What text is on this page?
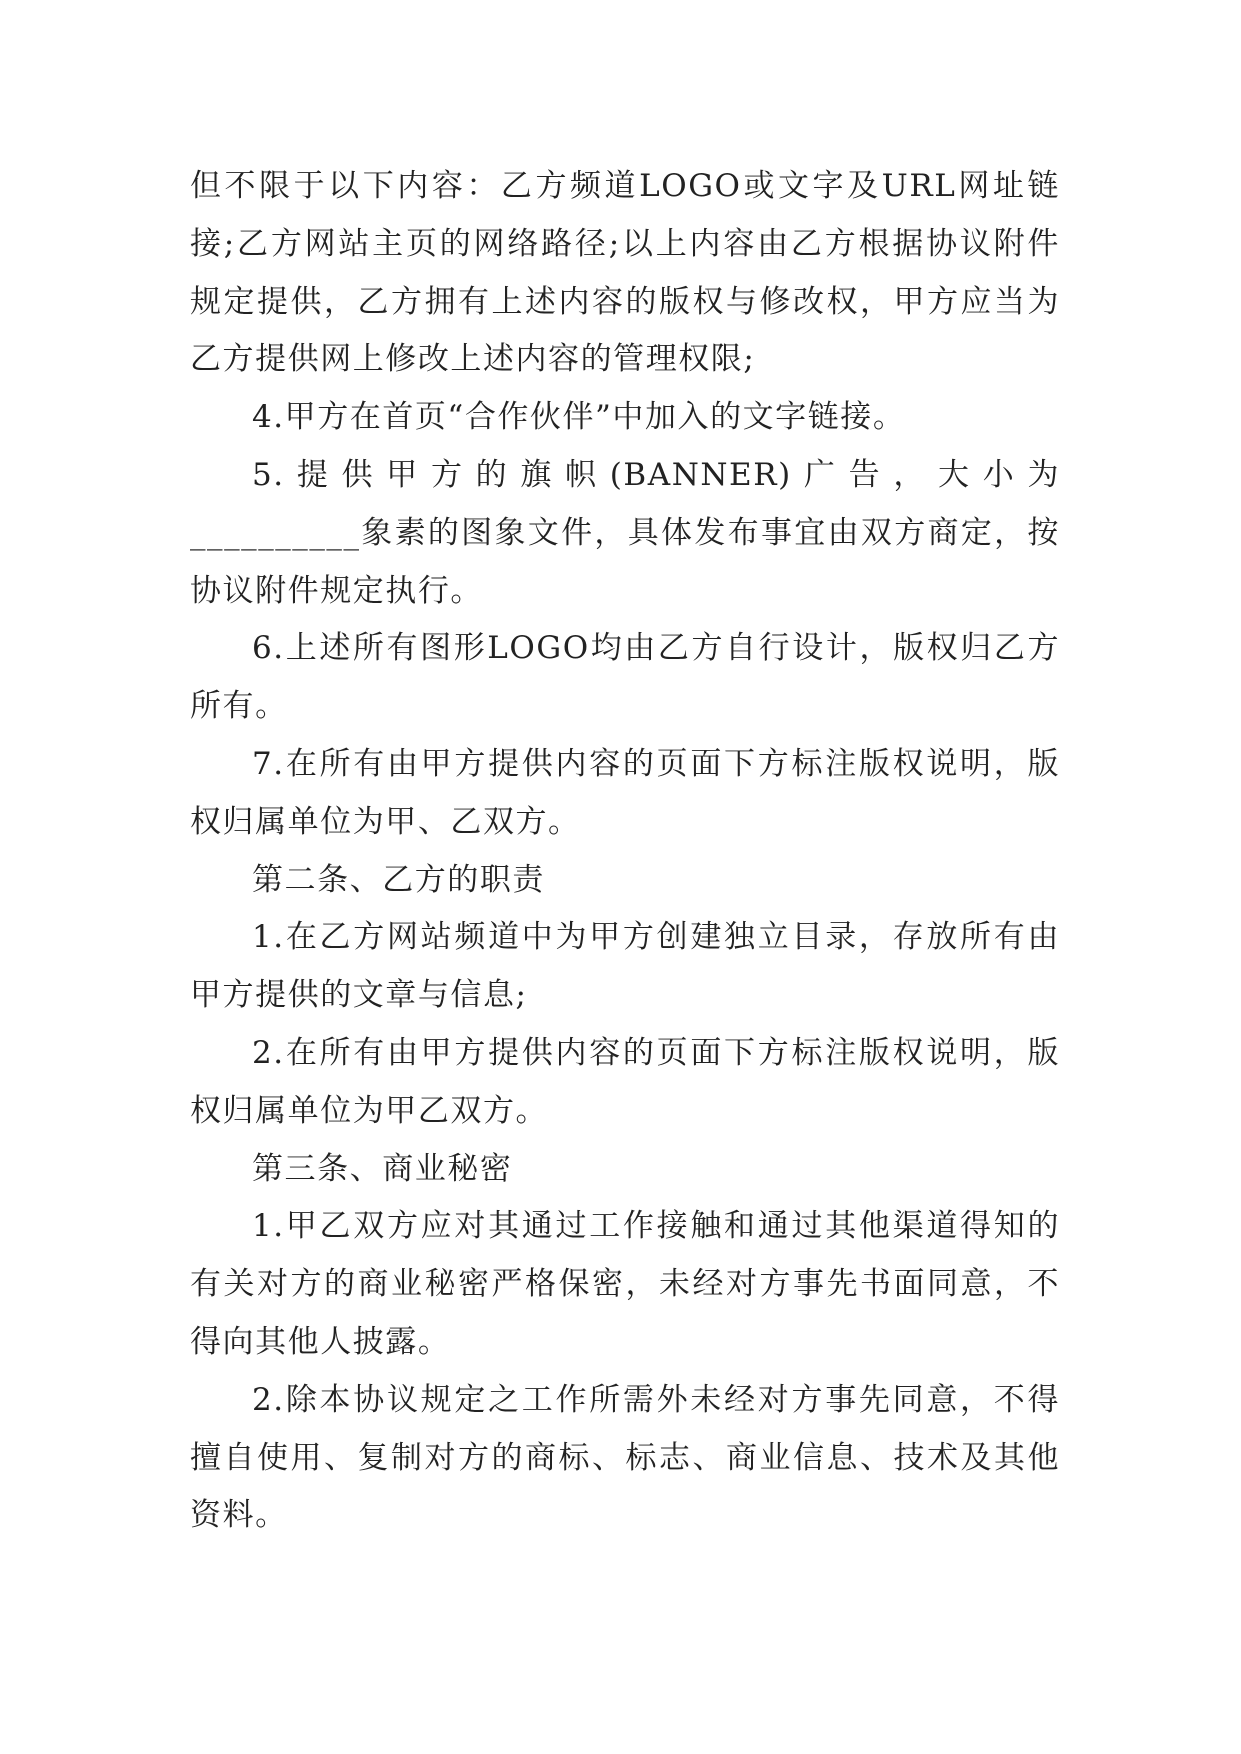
但不限于以下内容：乙方频道LOGO或文字及URL网址链接;乙方网站主页的网络路径;以上内容由乙方根据协议附件规定提供，乙方拥有上述内容的版权与修改权，甲方应当为乙方提供网上修改上述内容的管理权限;

4.甲方在首页“合作伙伴”中加入的文字链接。

5.提供甲方的旗帜(BANNER)广告，大小为__________象素的图象文件，具体发布事宜由双方商定，按协议附件规定执行。

6.上述所有图形LOGO均由乙方自行设计，版权归乙方所有。

7.在所有由甲方提供内容的页面下方标注版权说明，版权归属单位为甲、乙双方。

第二条、乙方的职责

1.在乙方网站频道中为甲方创建独立目录，存放所有由甲方提供的文章与信息;

2.在所有由甲方提供内容的页面下方标注版权说明，版权归属单位为甲乙双方。

第三条、商业秘密

1.甲乙双方应对其通过工作接触和通过其他渠道得知的有关对方的商业秘密严格保密，未经对方事先书面同意，不得向其他人披露。

2.除本协议规定之工作所需外未经对方事先同意，不得擅自使用、复制对方的商标、标志、商业信息、技术及其他资料。
